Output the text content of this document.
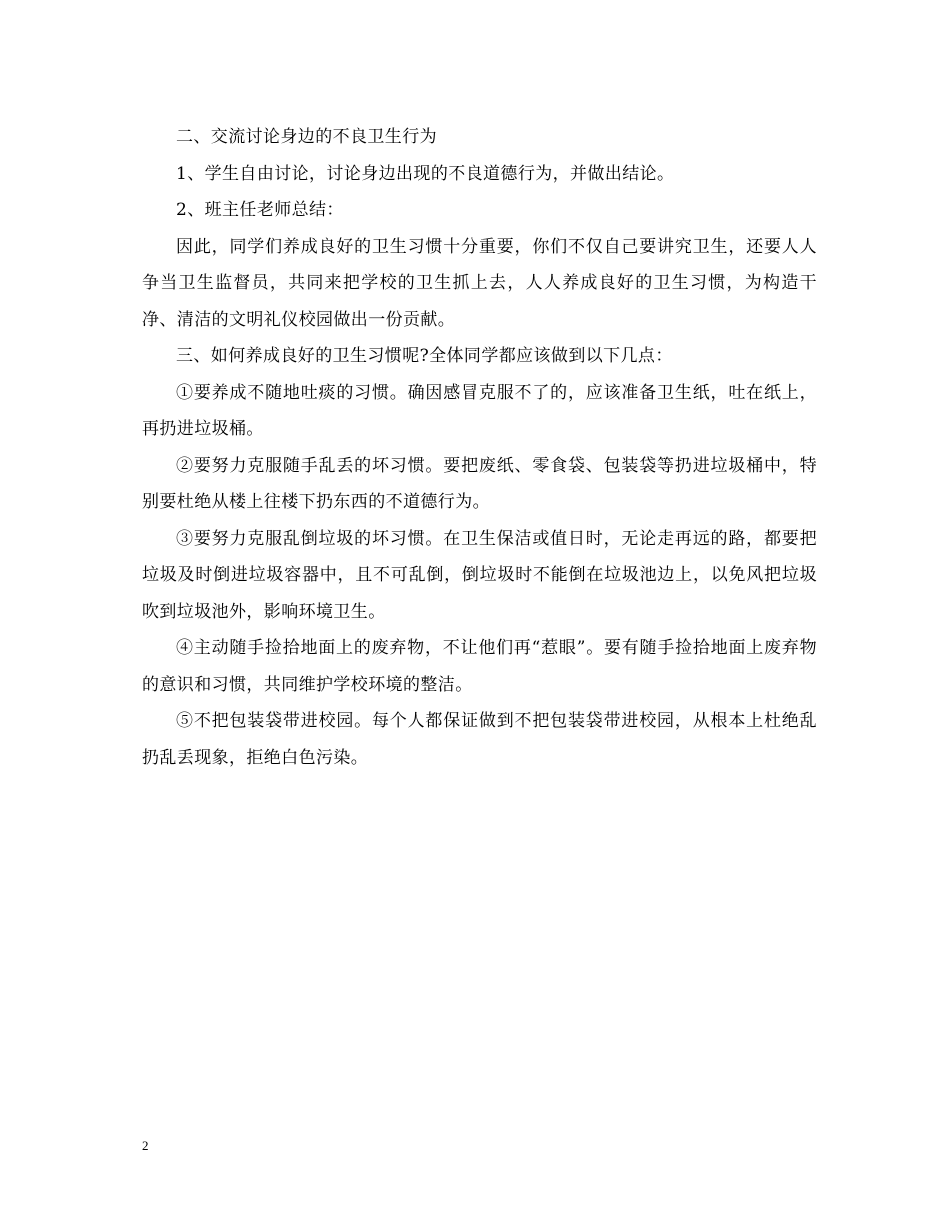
二、交流讨论身边的不良卫生行为

1、学生自由讨论，讨论身边出现的不良道德行为，并做出结论。

2、班主任老师总结：

因此，同学们养成良好的卫生习惯十分重要，你们不仅自己要讲究卫生，还要人人争当卫生监督员，共同来把学校的卫生抓上去，人人养成良好的卫生习惯，为构造干净、清洁的文明礼仪校园做出一份贡献。

三、如何养成良好的卫生习惯呢?全体同学都应该做到以下几点：

①要养成不随地吐痰的习惯。确因感冒克服不了的，应该准备卫生纸，吐在纸上，再扔进垃圾桶。

②要努力克服随手乱丢的坏习惯。要把废纸、零食袋、包装袋等扔进垃圾桶中，特别要杜绝从楼上往楼下扔东西的不道德行为。

③要努力克服乱倒垃圾的坏习惯。在卫生保洁或值日时，无论走再远的路，都要把垃圾及时倒进垃圾容器中，且不可乱倒，倒垃圾时不能倒在垃圾池边上，以免风把垃圾吹到垃圾池外，影响环境卫生。

④主动随手捡拾地面上的废弃物，不让他们再“惹眼”。要有随手捡拾地面上废弃物的意识和习惯，共同维护学校环境的整洁。

⑤不把包装袋带进校园。每个人都保证做到不把包装袋带进校园，从根本上杜绝乱扔乱丢现象，拒绝白色污染。

2
